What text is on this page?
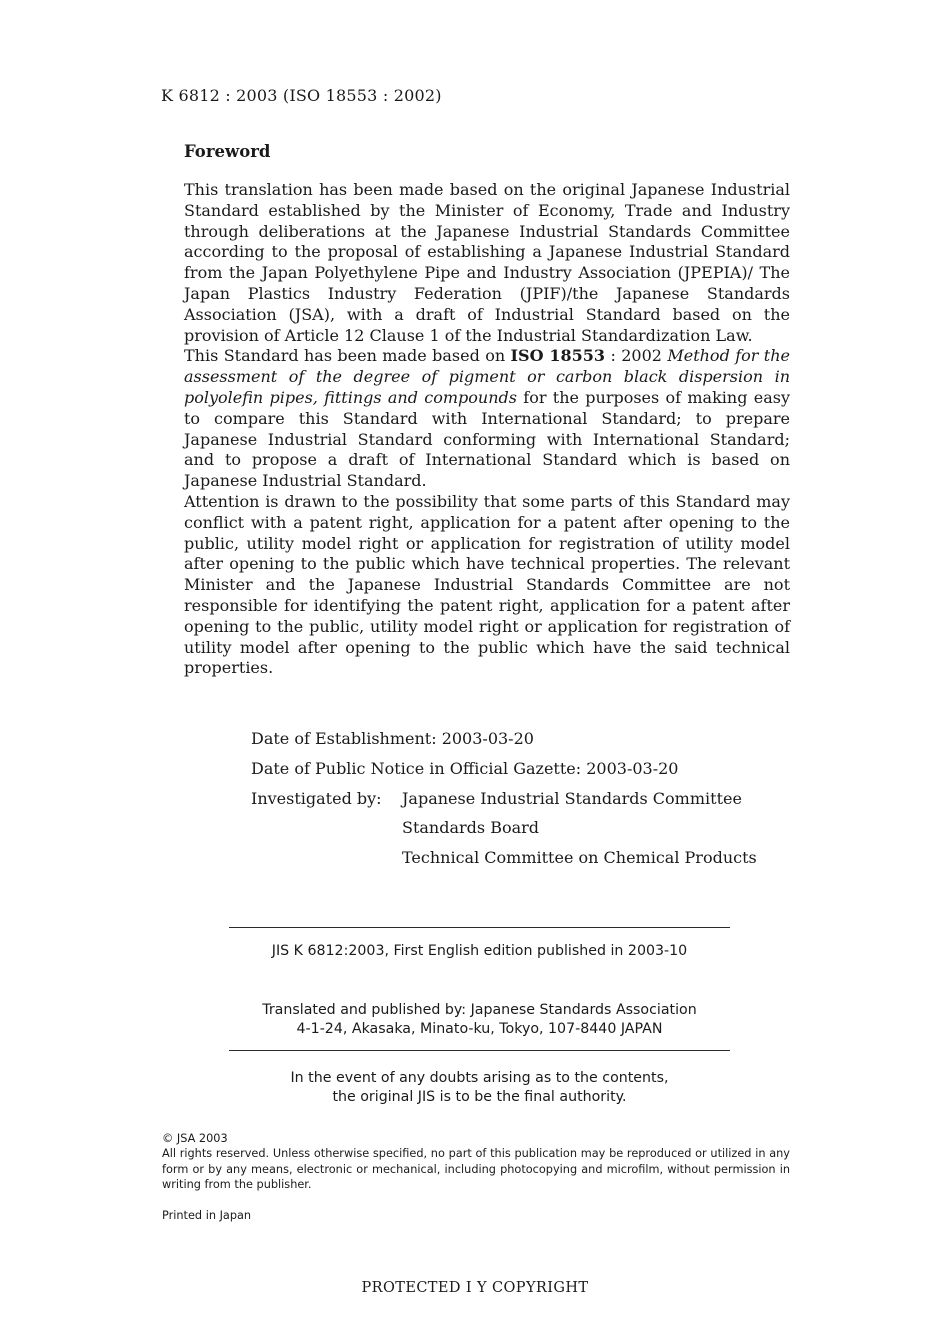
K 6812 : 2003 (ISO 18553 : 2002)
Foreword

This translation has been made based on the original Japanese Industrial Standard established by the Minister of Economy, Trade and Industry through deliberations at the Japanese Industrial Standards Committee according to the proposal of establishing a Japanese Industrial Standard from the Japan Polyethylene Pipe and Industry Association (JPEPIA)/ The Japan Plastics Industry Federation (JPIF)/the Japanese Standards Association (JSA), with a draft of Industrial Standard based on the provision of Article 12 Clause 1 of the Industrial Standardization Law.

This Standard has been made based on ISO 18553 : 2002 Method for the assessment of the degree of pigment or carbon black dispersion in polyolefin pipes, fittings and compounds for the purposes of making easy to compare this Standard with International Standard; to prepare Japanese Industrial Standard conforming with International Standard; and to propose a draft of International Standard which is based on Japanese Industrial Standard.

Attention is drawn to the possibility that some parts of this Standard may conflict with a patent right, application for a patent after opening to the public, utility model right or application for registration of utility model after opening to the public which have technical properties. The relevant Minister and the Japanese Industrial Standards Committee are not responsible for identifying the patent right, application for a patent after opening to the public, utility model right or application for registration of utility model after opening to the public which have the said technical properties.

Date of Establishment: 2003-03-20
Date of Public Notice in Official Gazette: 2003-03-20
Investigated by: Japanese Industrial Standards Committee
Standards Board
Technical Committee on Chemical Products
JIS K 6812:2003, First English edition published in 2003-10
Translated and published by: Japanese Standards Association
4-1-24, Akasaka, Minato-ku, Tokyo, 107-8440 JAPAN
In the event of any doubts arising as to the contents,
the original JIS is to be the final authority.
© JSA 2003
All rights reserved. Unless otherwise specified, no part of this publication may be reproduced or utilized in any form or by any means, electronic or mechanical, including photocopying and microfilm, without permission in writing from the publisher.
Printed in Japan
PROTECTED I Y COPYRIGHT
